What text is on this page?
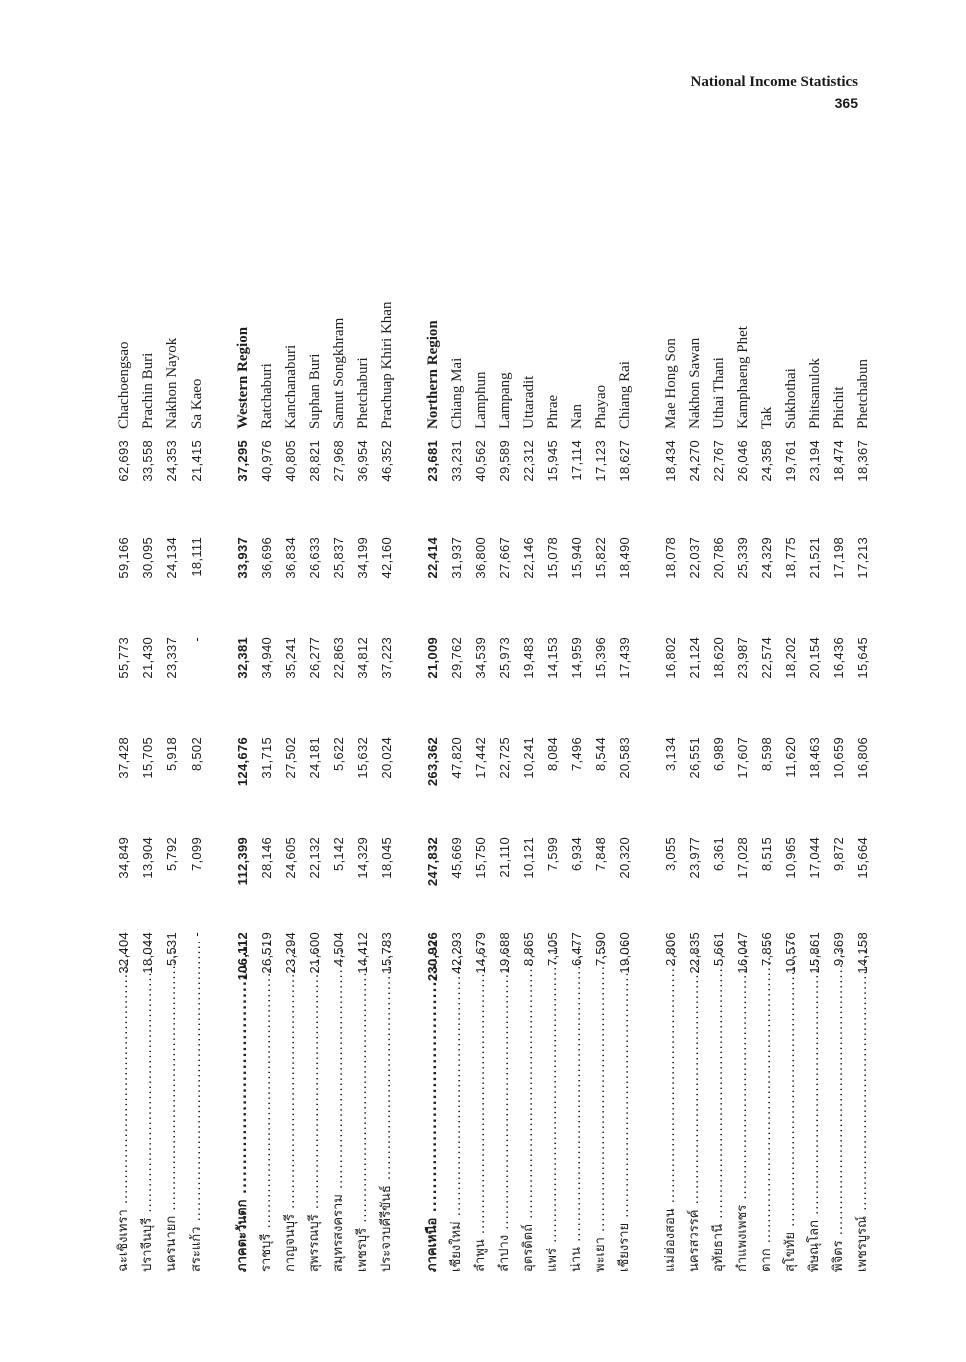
National Income Statistics
365
ฉะเชิงเทรา .....
32,404
34,849
37,428
55,773
59,166
62,693
Chachoengsao
ปราจีนบุรี .....
18,044
13,904
15,705
21,430
30,095
33,558
Prachin Buri
นครนายก .....
5,531
5,792
5,918
23,337
24,134
24,353
Nakhon Nayok
สระแก้ว .....
-
7,099
8,502
-
18,111
21,415
Sa Kaeo
ภาคตะวันตก .....
106,112
112,399
124,676
32,381
33,937
37,295
Western Region
ราชบุรี .....
26,519
28,146
31,715
34,940
36,696
40,976
Ratchaburi
กาญจนบุรี .....
23,294
24,605
27,502
35,241
36,834
40,805
Kanchanaburi
สุพรรณบุรี .....
21,600
22,132
24,181
26,277
26,633
28,821
Suphan Buri
สมุทรสงคราม .....
4,504
5,142
5,622
22,863
25,837
27,968
Samut Songkhram
เพชรบุรี .....
14,412
14,329
15,632
34,812
34,199
36,954
Phetchaburi
ประจวบคีรีขันธ์ .....
15,783
18,045
20,024
37,223
42,160
46,352
Prachuap Khiri Khan
ภาคเหนือ .....
230,926
247,832
263,362
21,009
22,414
23,681
Northern Region
เชียงใหม่ .....
42,293
45,669
47,820
29,762
31,937
33,231
Chiang Mai
ลำพูน .....
14,679
15,750
17,442
34,539
36,800
40,562
Lamphun
ลำปาง .....
19,688
21,110
22,725
25,973
27,667
29,589
Lampang
อุตรดิตถ์ .....
8,865
10,121
10,241
19,483
22,146
22,312
Uttaradit
แพร่ .....
7,105
7,599
8,084
14,153
15,078
15,945
Phrae
น่าน .....
6,477
6,934
7,496
14,959
15,940
17,114
Nan
พะเยา .....
7,590
7,848
8,544
15,396
15,822
17,123
Phayao
เชียงราย .....
19,060
20,320
20,583
17,439
18,490
18,627
Chiang Rai
แม่ฮ่องสอน .....
2,806
3,055
3,134
16,802
18,078
18,434
Mae Hong Son
นครสวรรค์ .....
22,835
23,977
26,551
21,124
22,037
24,270
Nakhon Sawan
อุทัยธานี .....
5,661
6,361
6,989
18,620
20,786
22,767
Uthai Thani
กำแพงเพชร .....
16,047
17,028
17,607
23,987
25,339
26,046
Kamphaeng Phet
ตาก .....
7,856
8,515
8,598
22,574
24,329
24,358
Tak
สุโขทัย .....
10,576
10,965
11,620
18,202
18,775
19,761
Sukhothai
พิษณุโลก .....
15,861
17,044
18,463
20,154
21,521
23,194
Phitsanulok
พิจิตร .....
9,369
9,872
10,659
16,436
17,198
18,474
Phichit
เพชรบูรณ์ .....
14,158
15,664
16,806
15,645
17,213
18,367
Phetchabun
